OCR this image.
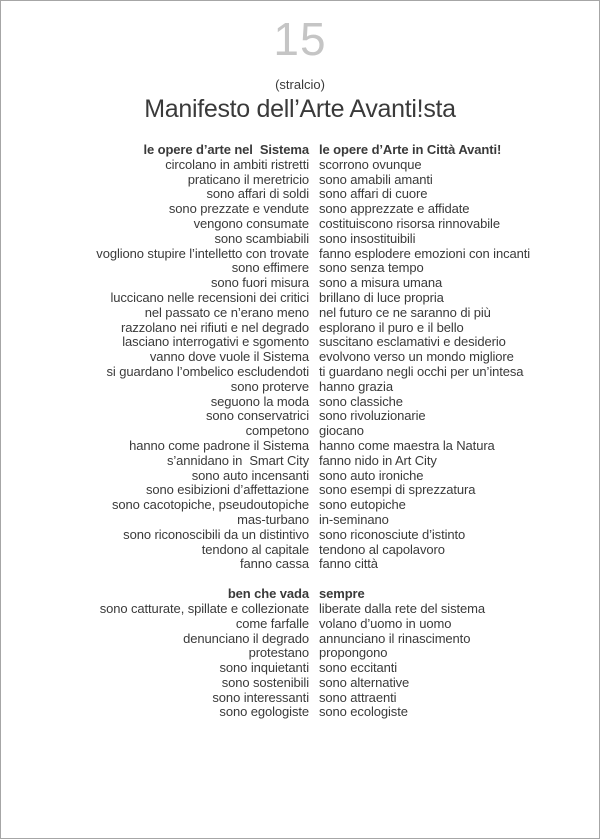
15
(stralcio)
Manifesto dell’Arte Avanti!sta
le opere d’arte nel  Sistema
circolano in ambiti ristretti
praticano il meretricio
sono affari di soldi
sono prezzate e vendute
vengono consumate
sono scambiabili
vogliono stupire l’intelletto con trovate
sono effimere
sono fuori misura
luccicano nelle recensioni dei critici
nel passato ce n’erano meno
razzolano nei rifiuti e nel degrado
lasciano interrogativi e sgomento
vanno dove vuole il Sistema
si guardano l’ombelico escludendoti
sono proterve
seguono la moda
sono conservatrici
competono
hanno come padrone il Sistema
s’annidano in  Smart City
sono auto incensanti
sono esibizioni d’affettazione
sono cacotopiche, pseudoutopiche
mas-turbano
sono riconoscibili da un distintivo
tendono al capitale
fanno cassa
le opere d’Arte in Città Avanti!
scorrono ovunque
sono amabili amanti
sono affari di cuore
sono apprezzate e affidate
costituiscono risorsa rinnovabile
sono insostituibili
fanno esplodere emozioni con incanti
sono senza tempo
sono a misura umana
brillano di luce propria
nel futuro ce ne saranno di più
esplorano il puro e il bello
suscitano esclamativi e desiderio
evolvono verso un mondo migliore
ti guardano negli occhi per un’intesa
hanno grazia
sono classiche
sono rivoluzionarie
giocano
hanno come maestra la Natura
fanno nido in Art City
sono auto ironiche
sono esempi di sprezzatura
sono eutopiche
in-seminano
sono riconosciute d’istinto
tendono al capolavoro
fanno città
ben che vada
sono catturate, spillate e collezionate
come farfalle
denunciano il degrado
protestano
sono inquietanti
sono sostenibili
sono interessanti
sono egologiste
sempre
liberate dalla rete del sistema
volano d’uomo in uomo
annunciano il rinascimento
propongono
sono eccitanti
sono alternative
sono attraenti
sono ecologiste
